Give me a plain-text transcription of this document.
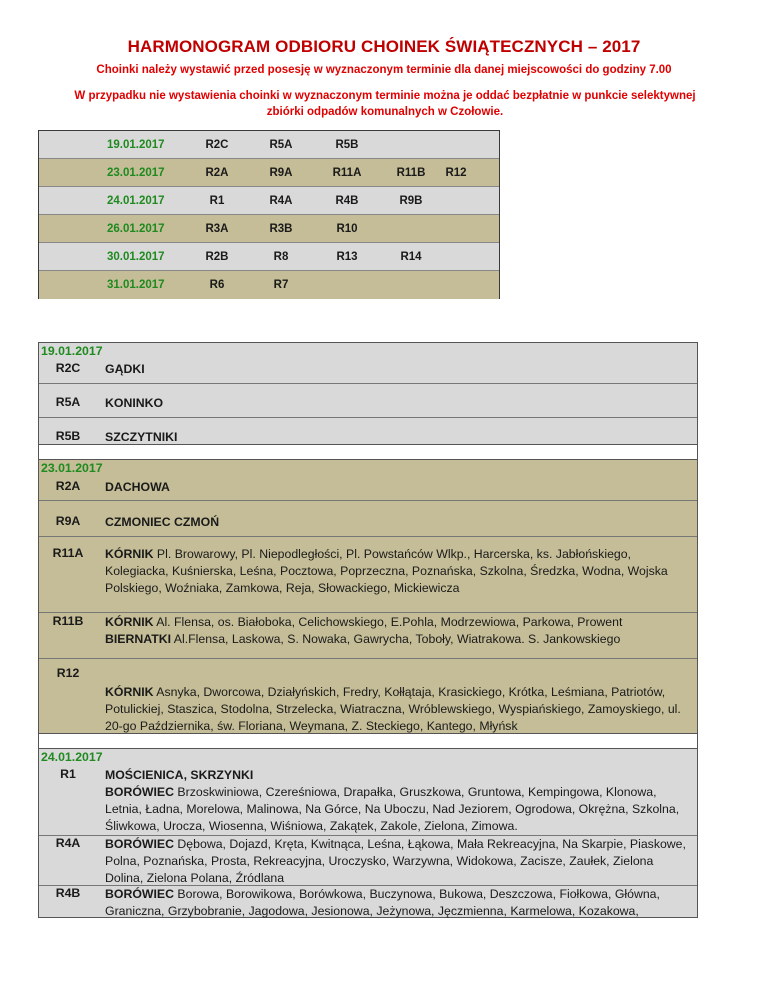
HARMONOGRAM ODBIORU CHOINEK ŚWIĄTECZNYCH – 2017
Choinki należy wystawić przed posesję w wyznaczonym terminie dla danej miejscowości do godziny 7.00
W przypadku nie wystawienia choinki w wyznaczonym terminie można je oddać bezpłatnie w punkcie selektywnej zbiórki odpadów komunalnych w Czołowie.
19.01.2017	R2C	R5A	R5B
23.01.2017	R2A	R9A	R11A	R11B	R12
24.01.2017	R1	R4A	R4B	R9B
26.01.2017	R3A	R3B	R10
30.01.2017	R2B	R8	R13	R14
31.01.2017	R6	R7
19.01.2017
R2C	GĄDKI
R5A	KONINKO
R5B	SZCZYTNIKI
23.01.2017
R2A	DACHOWA
R9A	CZMONIEC CZMOŃ
R11A	KÓRNIK Pl. Browarowy, Pl. Niepodległości, Pl. Powstańców Wlkp., Harcerska, ks. Jabłońskiego, Kolegiacka, Kuśnierska, Leśna, Pocztowa, Poprzeczna, Poznańska, Szkolna, Średzka, Wodna, Wojska Polskiego, Woźniaka, Zamkowa, Reja, Słowackiego, Mickiewicza
R11B	KÓRNIK Al. Flensa, os. Białoboka, Celichowskiego, E.Pohla, Modrzewiowa, Parkowa, Prowent
BIERNATKI Al.Flensa, Laskowa, S. Nowaka, Gawrycha, Toboły, Wiatrakowa. S. Jankowskiego
R12
KÓRNIK Asnyka, Dworcowa, Działyńskich, Fredry, Kołłątaja, Krasickiego, Krótka, Leśmiana, Patriotów, Potulickiej, Staszica, Stodolna, Strzelecka, Wiatraczna, Wróblewskiego, Wyspiańskiego, Zamoyskiego, ul. 20-go Października, św. Floriana, Weymana, Z. Steckiego, Kantego, Młyńsk
24.01.2017
R1	MOŚCIENICA, SKRZYNKI
BORÓWIEC Brzoskwiniowa, Czereśniowa, Drapałka, Gruszkowa, Gruntowa, Kempingowa, Klonowa, Letnia, Ładna, Morelowa, Malinowa, Na Górce, Na Uboczu, Nad Jeziorem, Ogrodowa, Okrężna, Szkolna, Śliwkowa, Urocza, Wiosenna, Wiśniowa, Zakątek, Zakole, Zielona, Zimowa.
R4A	BORÓWIEC Dębowa, Dojazd, Kręta, Kwitnąca, Leśna, Łąkowa, Mała Rekreacyjna, Na Skarpie, Piaskowe, Polna, Poznańska, Prosta, Rekreacyjna, Uroczysko, Warzywna, Widokowa, Zacisze, Zaułek, Zielona Dolina, Zielona Polana, Źródlana
R4B	BORÓWIEC Borowa, Borowikowa, Borówkowa, Buczynowa, Bukowa, Deszczowa, Fiołkowa, Główna, Graniczna, Grzybobranie, Jagodowa, Jesionowa, Jeżynowa, Jęczmienna, Karmelowa, Kozakowa,
